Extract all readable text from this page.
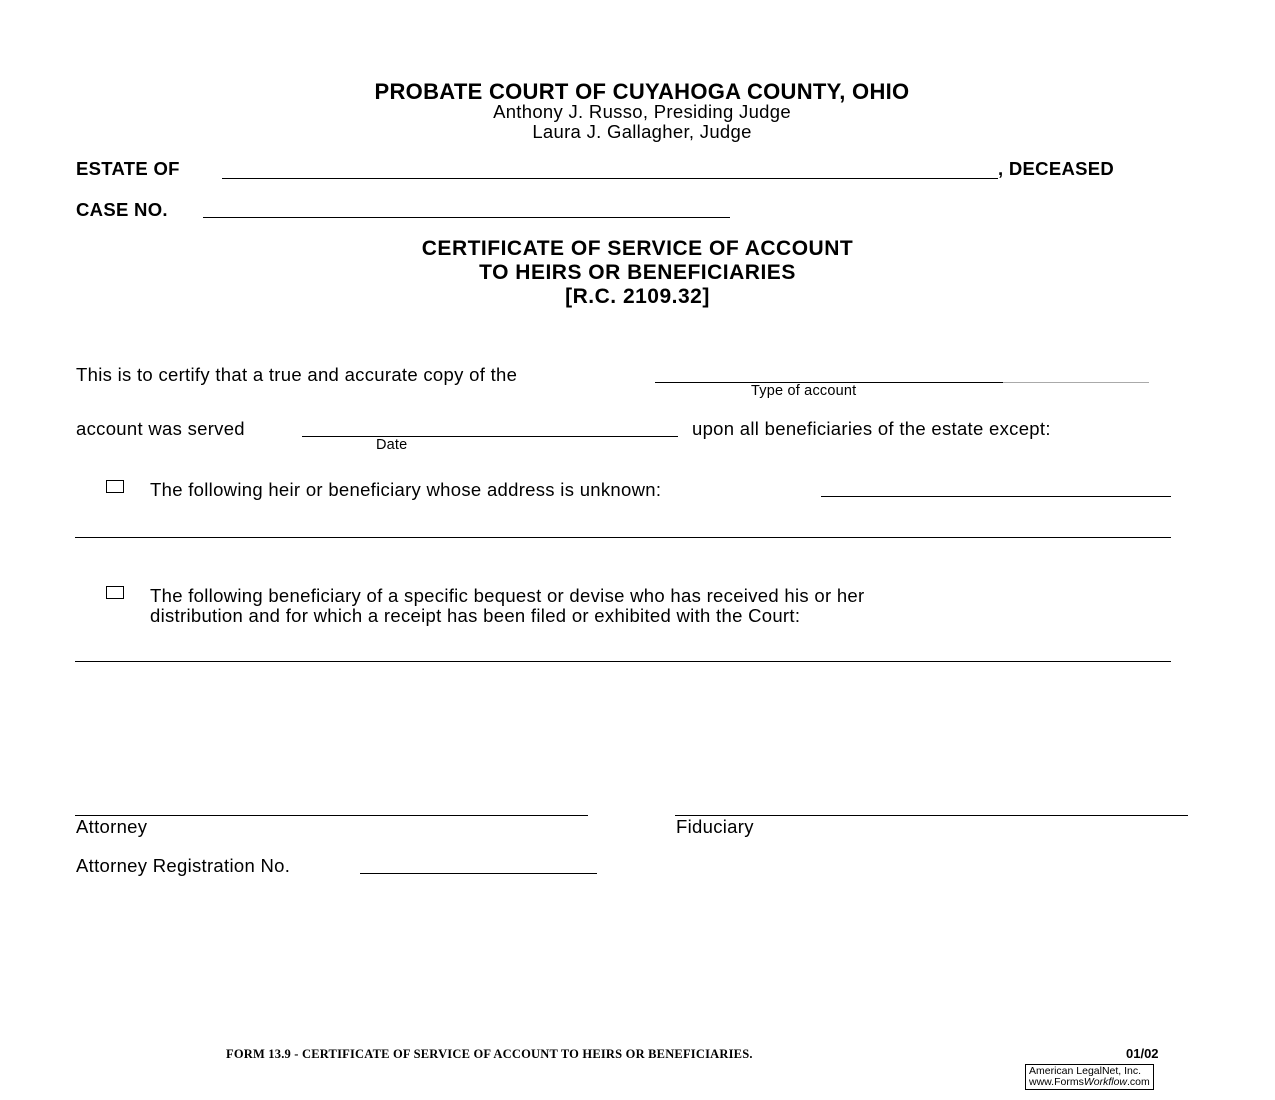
PROBATE COURT OF CUYAHOGA COUNTY, OHIO
Anthony J. Russo, Presiding Judge
Laura J. Gallagher, Judge
ESTATE OF	, DECEASED
CASE NO.
CERTIFICATE OF SERVICE OF ACCOUNT
TO HEIRS OR BENEFICIARIES
[R.C. 2109.32]
This is to certify that a true and accurate copy of the
Type of account
account was served
Date
upon all beneficiaries of the estate except:
The following heir or beneficiary whose address is unknown:
The following beneficiary of a specific bequest or devise who has received his or her
distribution and for which a receipt has been filed or exhibited with the Court:
Attorney	Fiduciary
Attorney Registration No.
FORM 13.9 - CERTIFICATE OF SERVICE OF ACCOUNT TO HEIRS OR BENEFICIARIES.	01/02
American LegalNet, Inc.
www.FormsWorkflow.com
